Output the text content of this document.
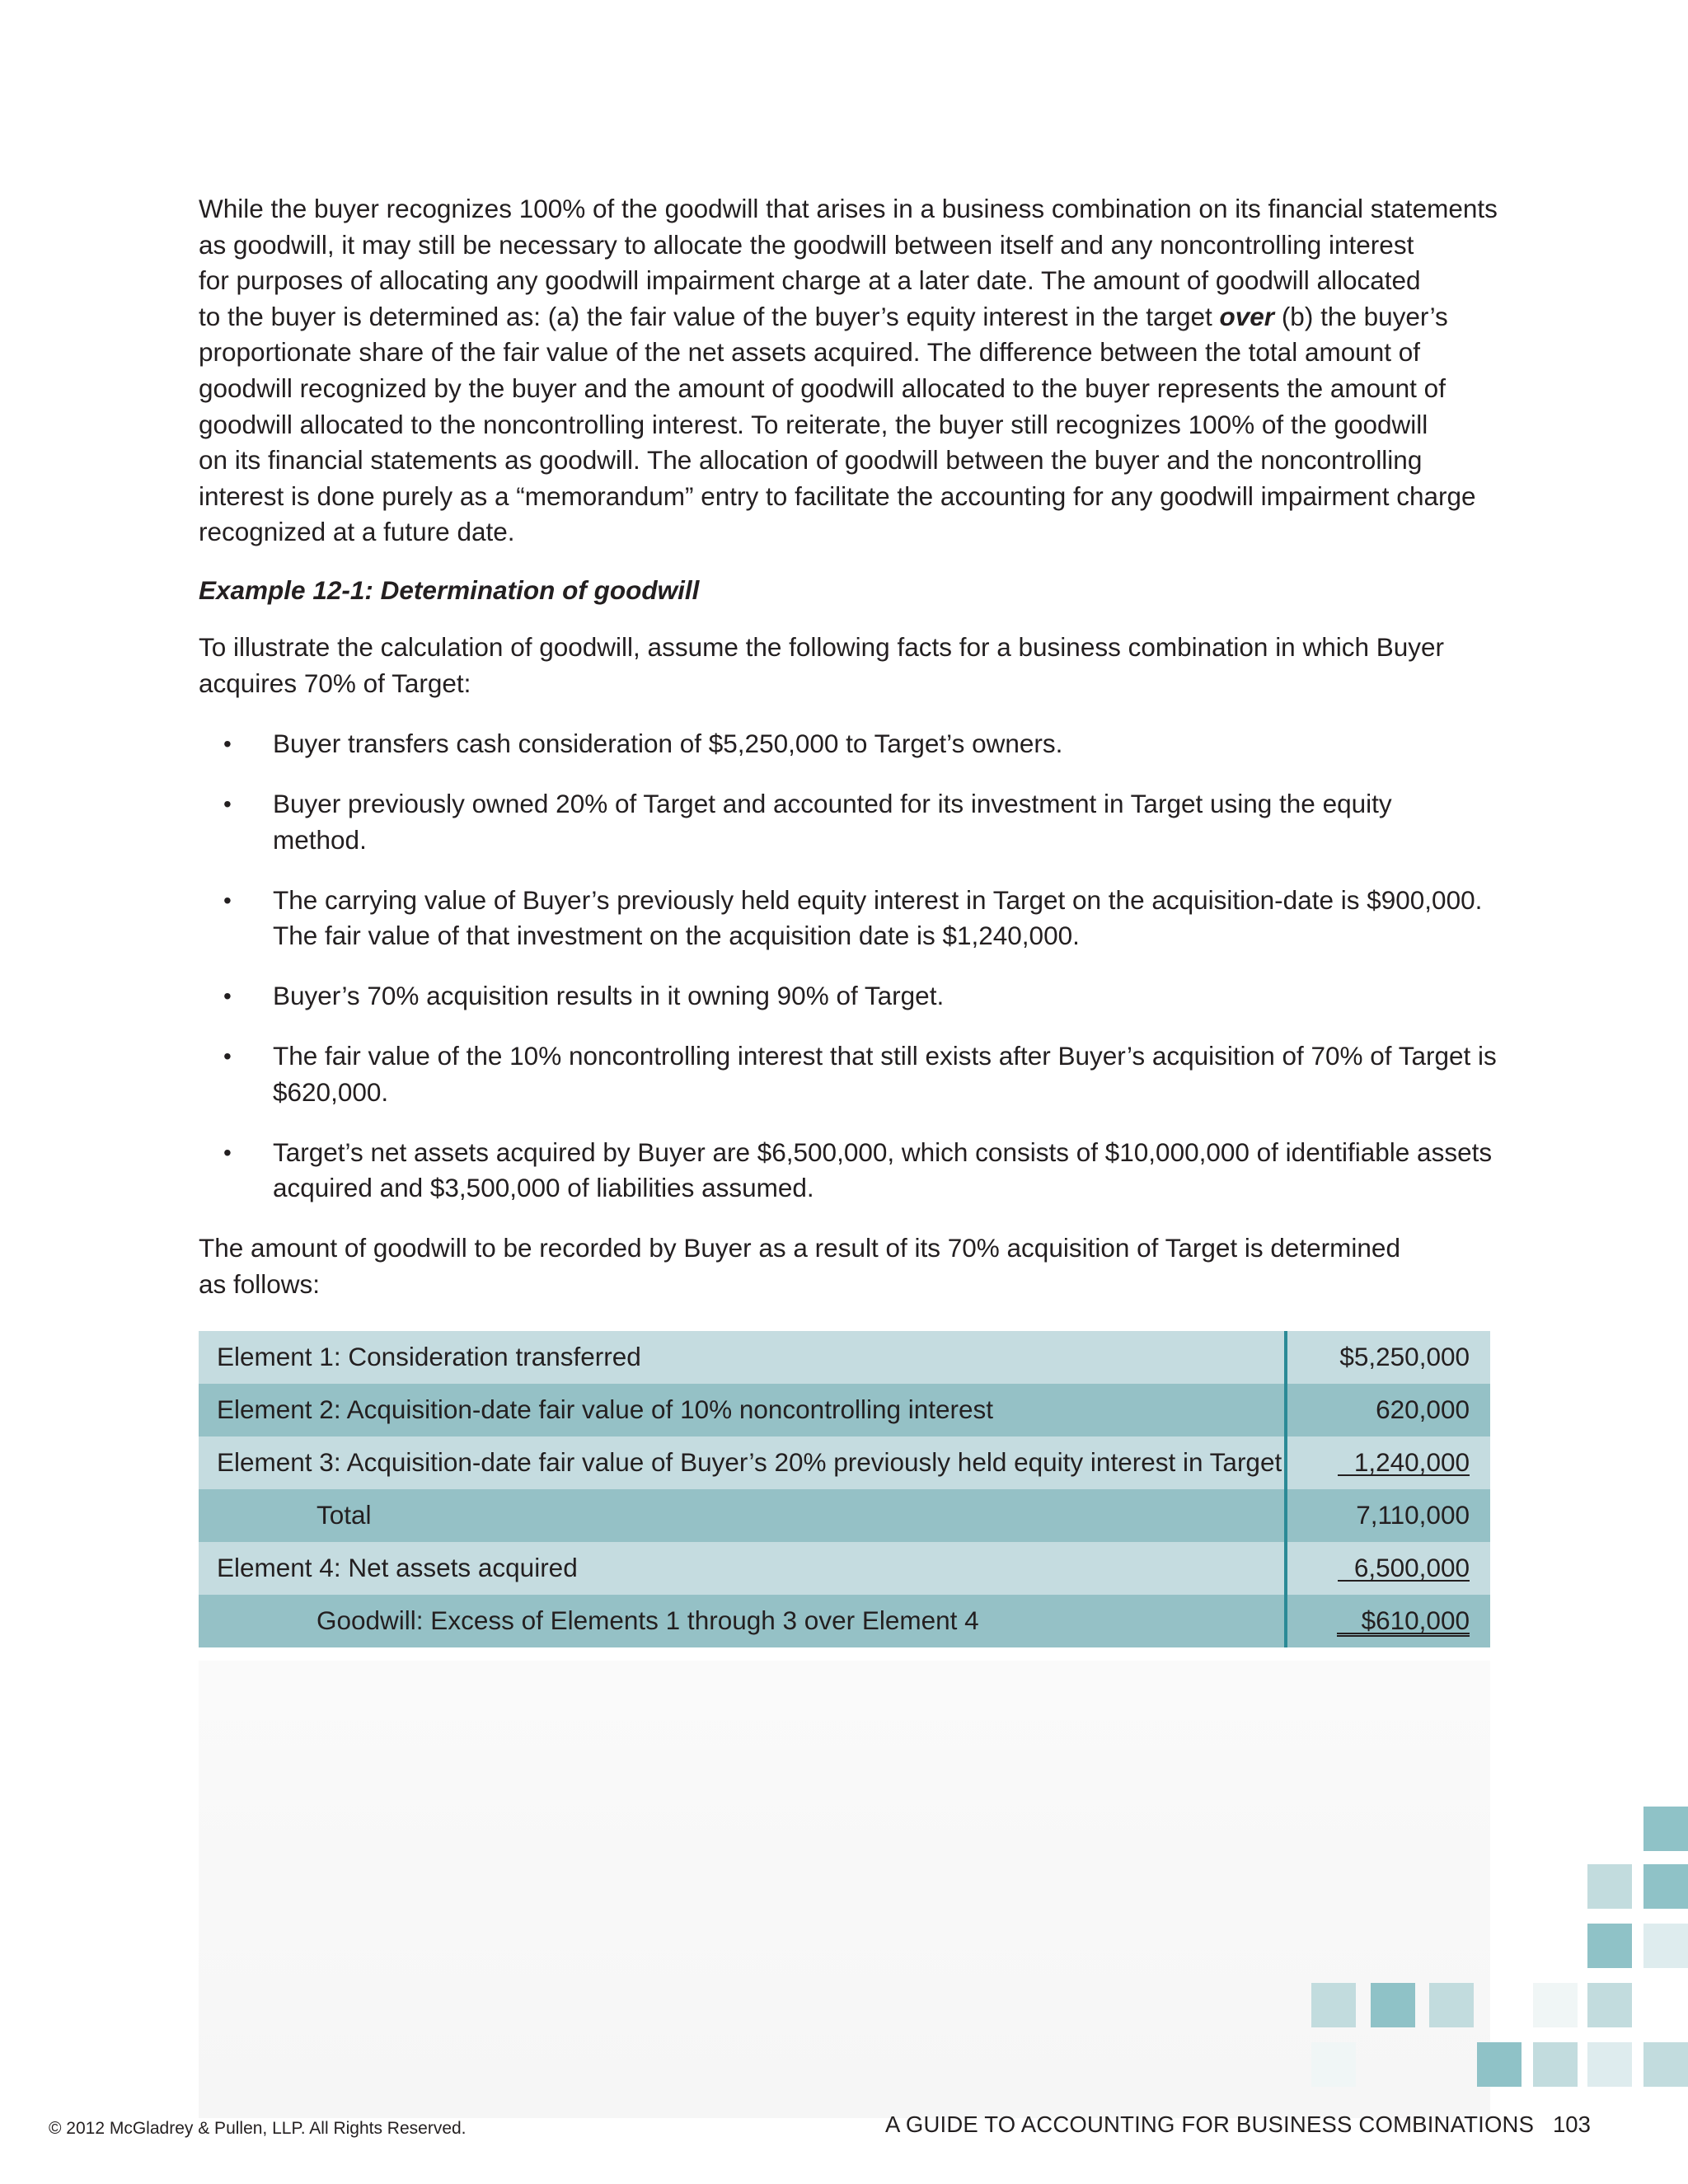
While the buyer recognizes 100% of the goodwill that arises in a business combination on its financial statements
as goodwill, it may still be necessary to allocate the goodwill between itself and any noncontrolling interest
for purposes of allocating any goodwill impairment charge at a later date. The amount of goodwill allocated
to the buyer is determined as: (a) the fair value of the buyer’s equity interest in the target over (b) the buyer’s
proportionate share of the fair value of the net assets acquired. The difference between the total amount of
goodwill recognized by the buyer and the amount of goodwill allocated to the buyer represents the amount of
goodwill allocated to the noncontrolling interest. To reiterate, the buyer still recognizes 100% of the goodwill
on its financial statements as goodwill. The allocation of goodwill between the buyer and the noncontrolling
interest is done purely as a “memorandum” entry to facilitate the accounting for any goodwill impairment charge
recognized at a future date.

Example 12-1: Determination of goodwill

To illustrate the calculation of goodwill, assume the following facts for a business combination in which Buyer
acquires 70% of Target:

• Buyer transfers cash consideration of $5,250,000 to Target’s owners.
• Buyer previously owned 20% of Target and accounted for its investment in Target using the equity
method.
• The carrying value of Buyer’s previously held equity interest in Target on the acquisition-date is $900,000.
The fair value of that investment on the acquisition date is $1,240,000.
• Buyer’s 70% acquisition results in it owning 90% of Target.
• The fair value of the 10% noncontrolling interest that still exists after Buyer’s acquisition of 70% of Target is
$620,000.
• Target’s net assets acquired by Buyer are $6,500,000, which consists of $10,000,000 of identifiable assets
acquired and $3,500,000 of liabilities assumed.

The amount of goodwill to be recorded by Buyer as a result of its 70% acquisition of Target is determined
as follows:

Element 1: Consideration transferred	$5,250,000
Element 2: Acquisition-date fair value of 10% noncontrolling interest	620,000
Element 3: Acquisition-date fair value of Buyer’s 20% previously held equity interest in Target	1,240,000
Total	7,110,000
Element 4: Net assets acquired	6,500,000
Goodwill: Excess of Elements 1 through 3 over Element 4	$610,000
© 2012 McGladrey & Pullen, LLP. All Rights Reserved.	A GUIDE TO ACCOUNTING FOR BUSINESS COMBINATIONS 103
